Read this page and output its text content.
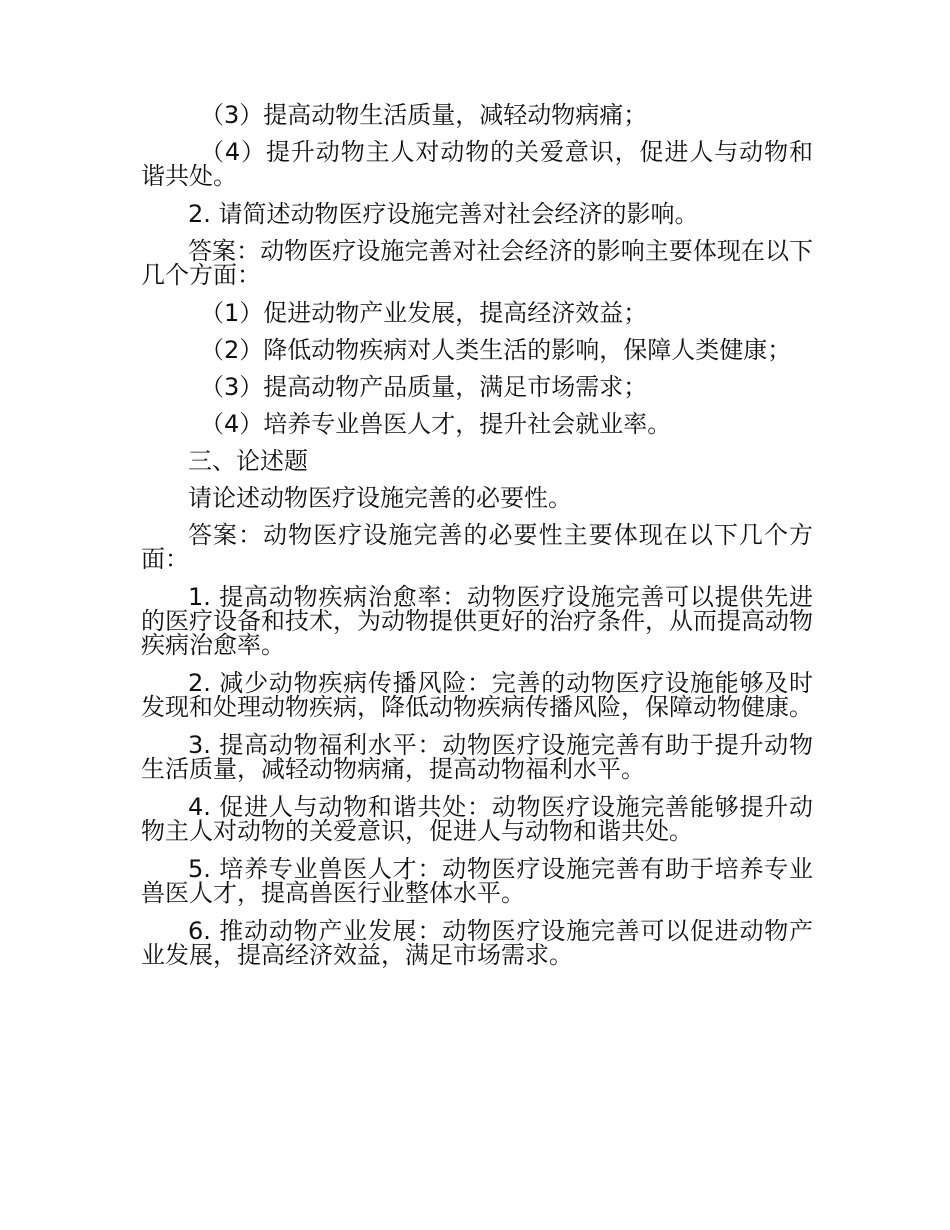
（3）提高动物生活质量，减轻动物病痛；

（4）提升动物主人对动物的关爱意识，促进人与动物和谐共处。

2. 请简述动物医疗设施完善对社会经济的影响。

答案：动物医疗设施完善对社会经济的影响主要体现在以下几个方面：

（1）促进动物产业发展，提高经济效益；

（2）降低动物疾病对人类生活的影响，保障人类健康；

（3）提高动物产品质量，满足市场需求；

（4）培养专业兽医人才，提升社会就业率。

三、论述题

请论述动物医疗设施完善的必要性。

答案：动物医疗设施完善的必要性主要体现在以下几个方面：

1. 提高动物疾病治愈率：动物医疗设施完善可以提供先进的医疗设备和技术，为动物提供更好的治疗条件，从而提高动物疾病治愈率。

2. 减少动物疾病传播风险：完善的动物医疗设施能够及时发现和处理动物疾病，降低动物疾病传播风险，保障动物健康。

3. 提高动物福利水平：动物医疗设施完善有助于提升动物生活质量，减轻动物病痛，提高动物福利水平。

4. 促进人与动物和谐共处：动物医疗设施完善能够提升动物主人对动物的关爱意识，促进人与动物和谐共处。

5. 培养专业兽医人才：动物医疗设施完善有助于培养专业兽医人才，提高兽医行业整体水平。

6. 推动动物产业发展：动物医疗设施完善可以促进动物产业发展，提高经济效益，满足市场需求。
